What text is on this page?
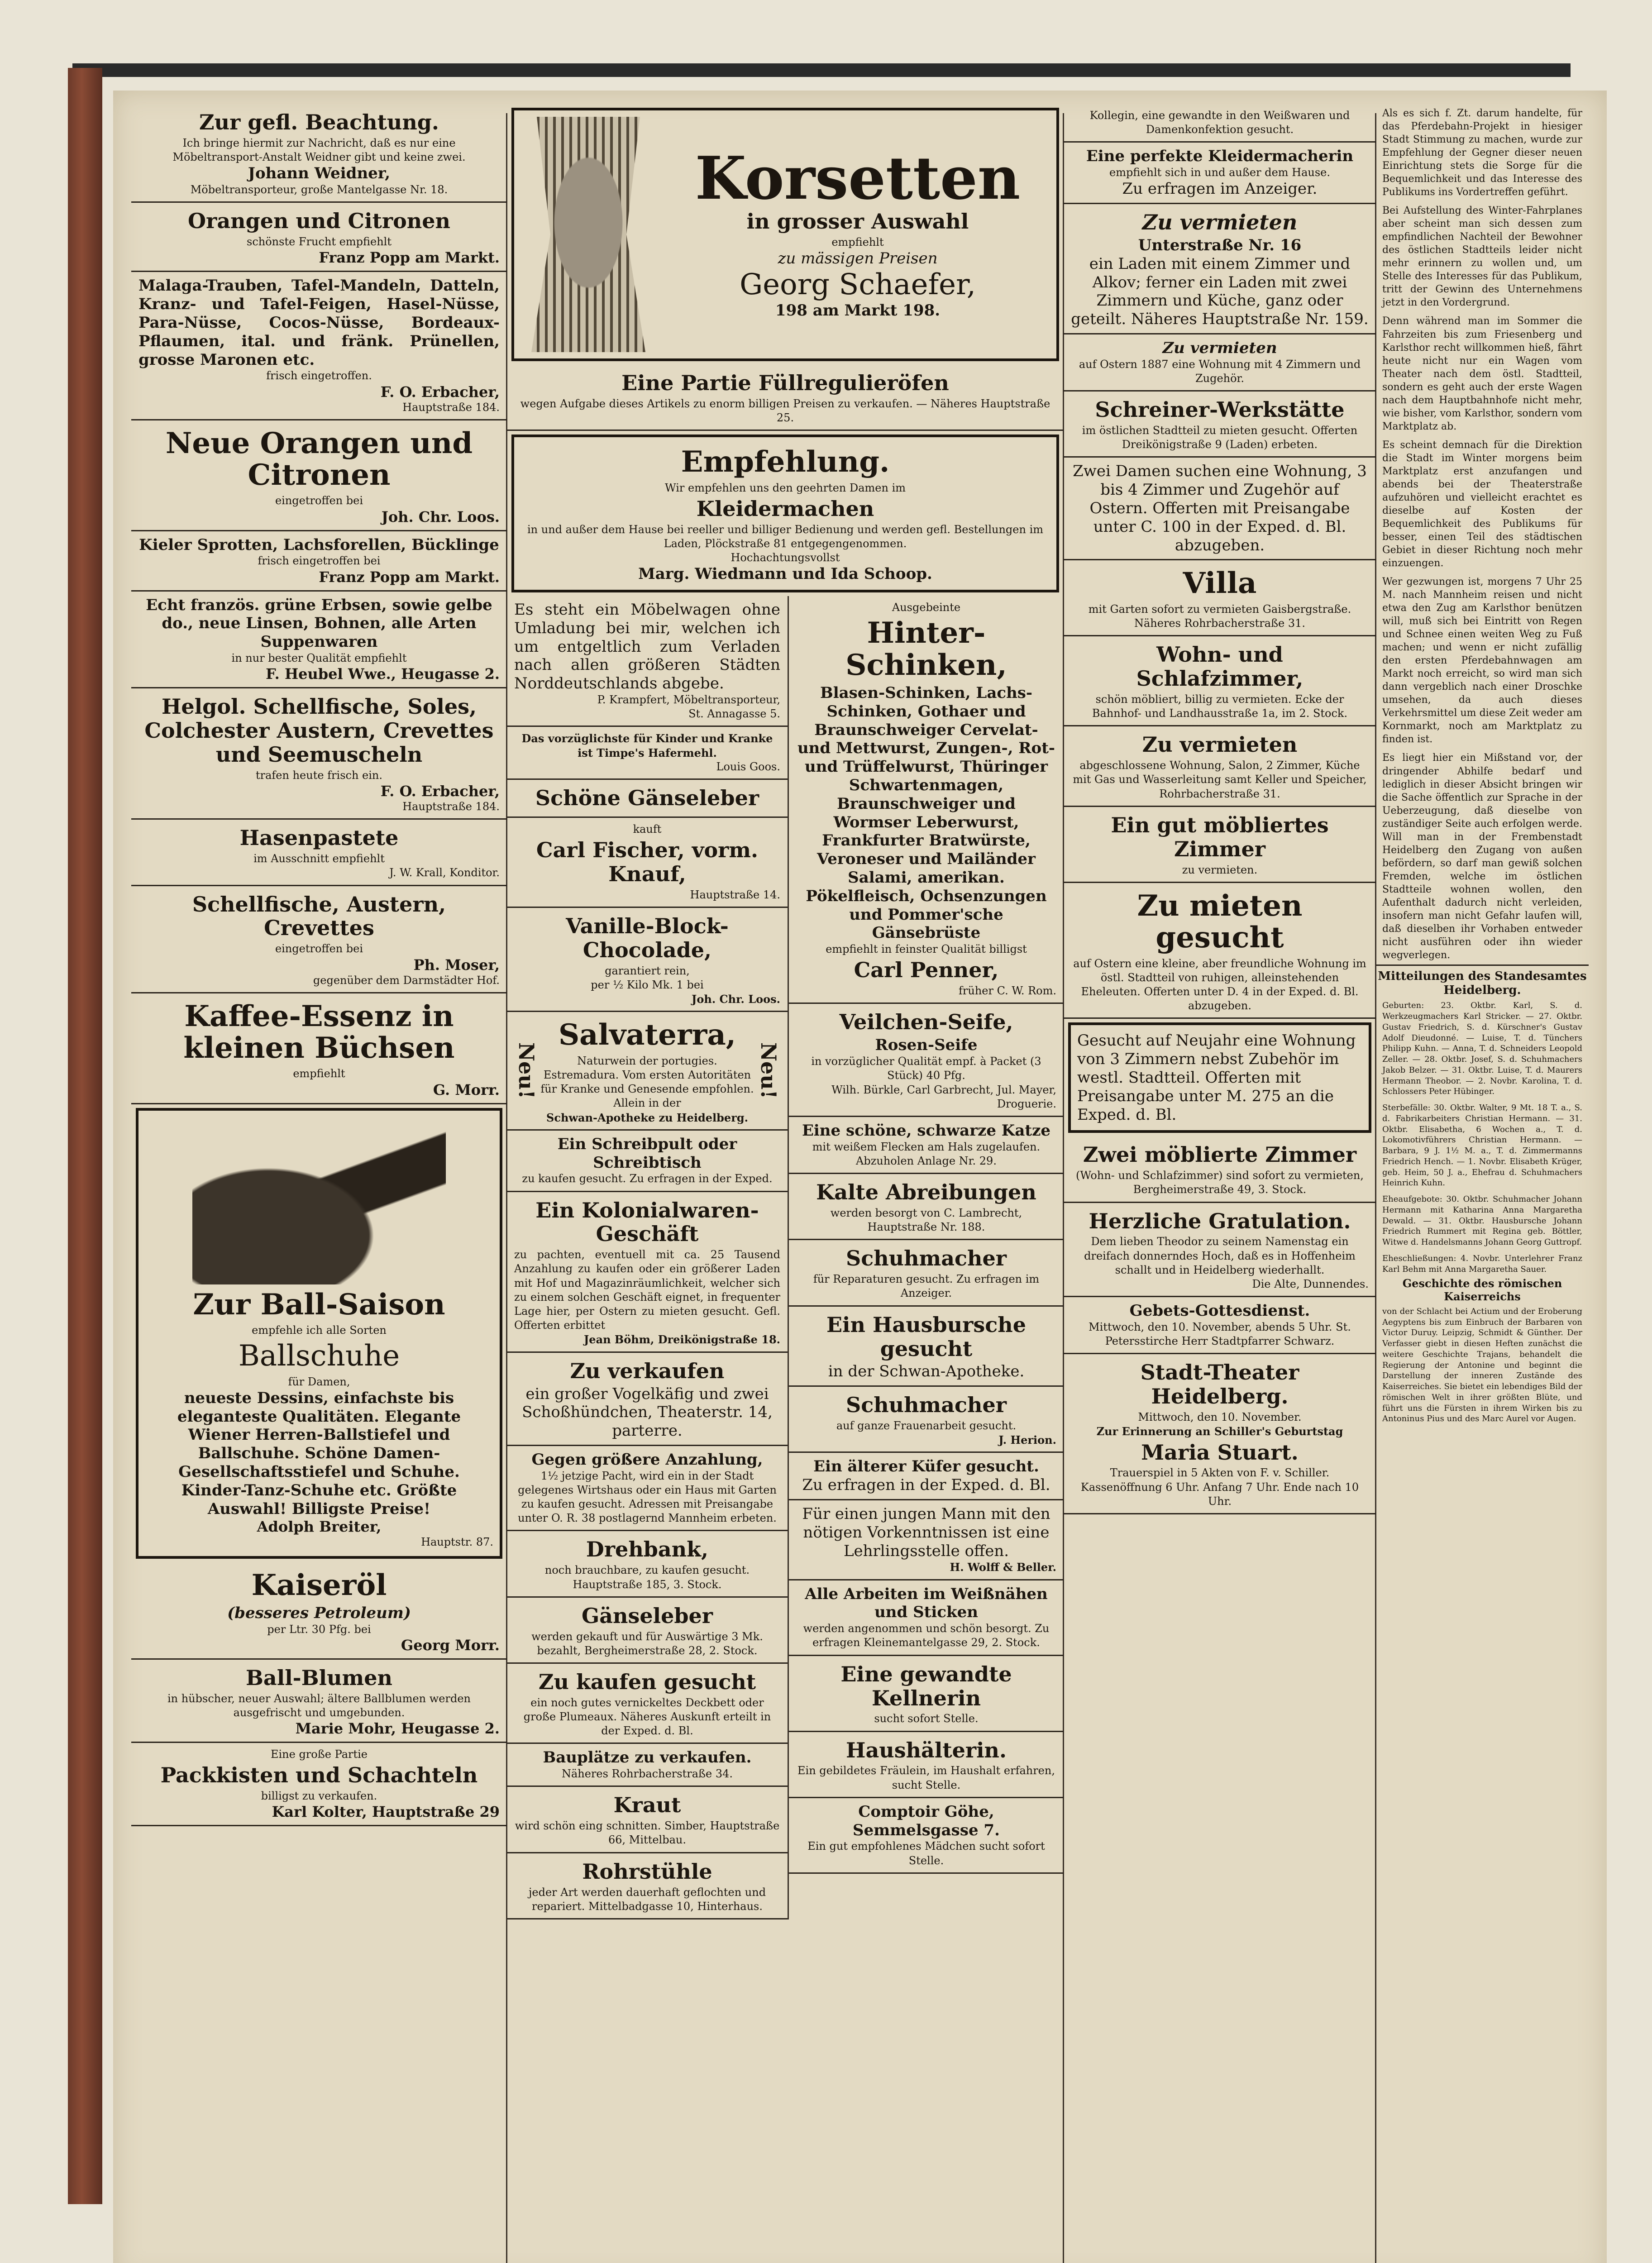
Zur gefl. Beachtung.
Ich bringe hiermit zur Nachricht, daß es nur eine Möbeltransport-Anstalt Weidner gibt und keine zwei.
Johann Weidner,
Möbeltransporteur, große Mantelgasse Nr. 18.
Orangen und Citronen
schönste Frucht empfiehlt
Franz Popp am Markt.
Malaga-Trauben, Tafel-Mandeln, Datteln, Kranz- und Tafel-Feigen, Hasel-Nüsse, Para-Nüsse, Cocos-Nüsse, Bordeaux-Pflaumen, ital. und fränk. Prünellen, grosse Maronen etc.
frisch eingetroffen.
F. O. Erbacher,
Hauptstraße 184.
Neue Orangen und Citronen
eingetroffen bei
Joh. Chr. Loos.
Kieler Sprotten, Lachsforellen, Bücklinge
frisch eingetroffen bei
Franz Popp am Markt.
Echt französ. grüne Erbsen, sowie gelbe do., neue Linsen, Bohnen, alle Arten Suppenwaren
in nur bester Qualität empfiehlt
F. Heubel Wwe., Heugasse 2.
Helgol. Schellfische, Soles, Colchester Austern, Crevettes und Seemuscheln
trafen heute frisch ein.
F. O. Erbacher,
Hauptstraße 184.
Hasenpastete
im Ausschnitt empfiehlt
J. W. Krall, Konditor.
Schellfische, Austern, Crevettes
eingetroffen bei
Ph. Moser,
gegenüber dem Darmstädter Hof.
Kaffee-Essenz in kleinen Büchsen
empfiehlt
G. Morr.
Zur Ball-Saison
empfehle ich alle Sorten
Ballschuhe
für Damen,
neueste Dessins, einfachste bis eleganteste Qualitäten. Elegante Wiener Herren-Ballstiefel und Ballschuhe. Schöne Damen-Gesellschaftsstiefel und Schuhe. Kinder-Tanz-Schuhe etc. Größte Auswahl! Billigste Preise!
Adolph Breiter,
Hauptstr. 87.
Kaiseröl
(besseres Petroleum)
per Ltr. 30 Pfg. bei
Georg Morr.
Ball-Blumen
in hübscher, neuer Auswahl; ältere Ballblumen werden ausgefrischt und umgebunden.
Marie Mohr, Heugasse 2.
Eine große Partie
Packkisten und Schachteln
billigst zu verkaufen.
Karl Kolter, Hauptstraße 29
Korsetten
in grosser Auswahl
empfiehlt
zu mässigen Preisen
Georg Schaefer,
198 am Markt 198.
Eine Partie Füllregulieröfen
wegen Aufgabe dieses Artikels zu enorm billigen Preisen zu verkaufen. — Näheres Hauptstraße 25.
Empfehlung.
Wir empfehlen uns den geehrten Damen im
Kleidermachen
in und außer dem Hause bei reeller und billiger Bedienung und werden gefl. Bestellungen im Laden, Plöckstraße 81 entgegengenommen.
Hochachtungsvollst
Marg. Wiedmann und Ida Schoop.
Es steht ein Möbelwagen ohne Umladung bei mir, welchen ich um entgeltlich zum Verladen nach allen größeren Städten Norddeutschlands abgebe.
P. Krampfert, Möbeltransporteur,
St. Annagasse 5.
Das vorzüglichste für Kinder und Kranke ist Timpe's Hafermehl.
Louis Goos.
Schöne Gänseleber
kauft
Carl Fischer, vorm. Knauf,
Hauptstraße 14.
Vanille-Block-Chocolade,
garantiert rein,
per ½ Kilo Mk. 1 bei
Joh. Chr. Loos.
Neu!
Salvaterra,
Naturwein der portugies. Estremadura. Vom ersten Autoritäten für Kranke und Genesende empfohlen. Allein in der
Schwan-Apotheke zu Heidelberg.
Neu!
Ein Schreibpult oder Schreibtisch
zu kaufen gesucht. Zu erfragen in der Exped.
Ein Kolonialwaren-Geschäft
zu pachten, eventuell mit ca. 25 Tausend Anzahlung zu kaufen oder ein größerer Laden mit Hof und Magazinräumlichkeit, welcher sich zu einem solchen Geschäft eignet, in frequenter Lage hier, per Ostern zu mieten gesucht. Gefl. Offerten erbittet
Jean Böhm, Dreikönigstraße 18.
Zu verkaufen
ein großer Vogelkäfig und zwei Schoßhündchen, Theaterstr. 14, parterre.
Gegen größere Anzahlung,
1½ jetzige Pacht, wird ein in der Stadt gelegenes Wirtshaus oder ein Haus mit Garten zu kaufen gesucht. Adressen mit Preisangabe unter O. R. 38 postlagernd Mannheim erbeten.
Drehbank,
noch brauchbare, zu kaufen gesucht. Hauptstraße 185, 3. Stock.
Gänseleber
werden gekauft und für Auswärtige 3 Mk. bezahlt, Bergheimerstraße 28, 2. Stock.
Zu kaufen gesucht
ein noch gutes vernickeltes Deckbett oder große Plumeaux. Näheres Auskunft erteilt in der Exped. d. Bl.
Bauplätze zu verkaufen.
Näheres Rohrbacherstraße 34.
Kraut
wird schön eing schnitten. Simber, Hauptstraße 66, Mittelbau.
Rohrstühle
jeder Art werden dauerhaft geflochten und repariert. Mittelbadgasse 10, Hinterhaus.
Ausgebeinte
Hinter-Schinken,
Blasen-Schinken, Lachs-Schinken, Gothaer und Braunschweiger Cervelat- und Mettwurst, Zungen-, Rot- und Trüffelwurst, Thüringer Schwartenmagen, Braunschweiger und Wormser Leberwurst, Frankfurter Bratwürste, Veroneser und Mailänder Salami, amerikan. Pökelfleisch, Ochsenzungen und Pommer'sche Gänsebrüste
empfiehlt in feinster Qualität billigst
Carl Penner,
früher C. W. Rom.
Veilchen-Seife,
Rosen-Seife
in vorzüglicher Qualität empf. à Packet (3 Stück) 40 Pfg.
Wilh. Bürkle, Carl Garbrecht, Jul. Mayer, Droguerie.
Eine schöne, schwarze Katze
mit weißem Flecken am Hals zugelaufen. Abzuholen Anlage Nr. 29.
Kalte Abreibungen
werden besorgt von C. Lambrecht, Hauptstraße Nr. 188.
Schuhmacher
für Reparaturen gesucht. Zu erfragen im Anzeiger.
Ein Hausbursche gesucht
in der Schwan-Apotheke.
Schuhmacher
auf ganze Frauenarbeit gesucht.
J. Herion.
Ein älterer Küfer gesucht.
Zu erfragen in der Exped. d. Bl.
Für einen jungen Mann mit den nötigen Vorkenntnissen ist eine Lehrlingsstelle offen.
H. Wolff & Beller.
Alle Arbeiten im Weißnähen und Sticken
werden angenommen und schön besorgt. Zu erfragen Kleinemantelgasse 29, 2. Stock.
Eine gewandte Kellnerin
sucht sofort Stelle.
Haushälterin.
Ein gebildetes Fräulein, im Haushalt erfahren, sucht Stelle.
Comptoir Göhe, Semmelsgasse 7.
Ein gut empfohlenes Mädchen sucht sofort Stelle.
Kollegin, eine gewandte in den Weißwaren und Damenkonfektion gesucht.
Eine perfekte Kleidermacherin
empfiehlt sich in und außer dem Hause.
Zu erfragen im Anzeiger.
Zu vermieten
Unterstraße Nr. 16
ein Laden mit einem Zimmer und Alkov; ferner ein Laden mit zwei Zimmern und Küche, ganz oder geteilt. Näheres Hauptstraße Nr. 159.
Zu vermieten
auf Ostern 1887 eine Wohnung mit 4 Zimmern und Zugehör.
Schreiner-Werkstätte
im östlichen Stadtteil zu mieten gesucht. Offerten Dreikönigstraße 9 (Laden) erbeten.
Zwei Damen suchen eine Wohnung, 3 bis 4 Zimmer und Zugehör auf Ostern. Offerten mit Preisangabe unter C. 100 in der Exped. d. Bl. abzugeben.
Villa
mit Garten sofort zu vermieten Gaisbergstraße. Näheres Rohrbacherstraße 31.
Wohn- und Schlafzimmer,
schön möbliert, billig zu vermieten. Ecke der Bahnhof- und Landhausstraße 1a, im 2. Stock.
Zu vermieten
abgeschlossene Wohnung, Salon, 2 Zimmer, Küche mit Gas und Wasserleitung samt Keller und Speicher, Rohrbacherstraße 31.
Ein gut möbliertes Zimmer
zu vermieten.
Zu mieten gesucht
auf Ostern eine kleine, aber freundliche Wohnung im östl. Stadtteil von ruhigen, alleinstehenden Eheleuten. Offerten unter D. 4 in der Exped. d. Bl. abzugeben.
Gesucht auf Neujahr eine Wohnung von 3 Zimmern nebst Zubehör im westl. Stadtteil. Offerten mit Preisangabe unter M. 275 an die Exped. d. Bl.
Zwei möblierte Zimmer
(Wohn- und Schlafzimmer) sind sofort zu vermieten, Bergheimerstraße 49, 3. Stock.
Herzliche Gratulation.
Dem lieben Theodor zu seinem Namenstag ein dreifach donnerndes Hoch, daß es in Hoffenheim schallt und in Heidelberg wiederhallt.
Die Alte, Dunnendes.
Gebets-Gottesdienst.
Mittwoch, den 10. November, abends 5 Uhr. St. Petersstirche Herr Stadtpfarrer Schwarz.
Stadt-Theater Heidelberg.
Mittwoch, den 10. November.
Zur Erinnerung an Schiller's Geburtstag
Maria Stuart.
Trauerspiel in 5 Akten von F. v. Schiller. Kassenöffnung 6 Uhr. Anfang 7 Uhr. Ende nach 10 Uhr.
Als es sich f. Zt. darum handelte, für das Pferdebahn-Projekt in hiesiger Stadt Stimmung zu machen, wurde zur Empfehlung der Gegner dieser neuen Einrichtung stets die Sorge für die Bequemlichkeit und das Interesse des Publikums ins Vordertreffen geführt.
Bei Aufstellung des Winter-Fahrplanes aber scheint man sich dessen zum empfindlichen Nachteil der Bewohner des östlichen Stadtteils leider nicht mehr erinnern zu wollen und, um Stelle des Interesses für das Publikum, tritt der Gewinn des Unternehmens jetzt in den Vordergrund.
Denn während man im Sommer die Fahrzeiten bis zum Friesenberg und Karlsthor recht willkommen hieß, fährt heute nicht nur ein Wagen vom Theater nach dem östl. Stadtteil, sondern es geht auch der erste Wagen nach dem Hauptbahnhofe nicht mehr, wie bisher, vom Karlsthor, sondern vom Marktplatz ab.
Es scheint demnach für die Direktion die Stadt im Winter morgens beim Marktplatz erst anzufangen und abends bei der Theaterstraße aufzuhören und vielleicht erachtet es dieselbe auf Kosten der Bequemlichkeit des Publikums für besser, einen Teil des städtischen Gebiet in dieser Richtung noch mehr einzuengen.
Wer gezwungen ist, morgens 7 Uhr 25 M. nach Mannheim reisen und nicht etwa den Zug am Karlsthor benützen will, muß sich bei Eintritt von Regen und Schnee einen weiten Weg zu Fuß machen; und wenn er nicht zufällig den ersten Pferdebahnwagen am Markt noch erreicht, so wird man sich dann vergeblich nach einer Droschke umsehen, da auch dieses Verkehrsmittel um diese Zeit weder am Kornmarkt, noch am Marktplatz zu finden ist.
Es liegt hier ein Mißstand vor, der dringender Abhilfe bedarf und lediglich in dieser Absicht bringen wir die Sache öffentlich zur Sprache in der Ueberzeugung, daß dieselbe von zuständiger Seite auch erfolgen werde. Will man in der Frembenstadt Heidelberg den Zugang von außen befördern, so darf man gewiß solchen Fremden, welche im östlichen Stadtteile wohnen wollen, den Aufenthalt dadurch nicht verleiden, insofern man nicht Gefahr laufen will, daß dieselben ihr Vorhaben entweder nicht ausführen oder ihn wieder wegverlegen.
Mitteilungen des Standesamtes Heidelberg.
Geburten: 23. Oktbr. Karl, S. d. Werkzeugmachers Karl Stricker. — 27. Oktbr. Gustav Friedrich, S. d. Kürschner's Gustav Adolf Dieudonné. — Luise, T. d. Tünchers Philipp Kuhn. — Anna, T. d. Schneiders Leopold Zeller. — 28. Oktbr. Josef, S. d. Schuhmachers Jakob Belzer. — 31. Oktbr. Luise, T. d. Maurers Hermann Theobor. — 2. Novbr. Karolina, T. d. Schlossers Peter Hübinger.
Sterbefälle: 30. Oktbr. Walter, 9 Mt. 18 T. a., S. d. Fabrikarbeiters Christian Hermann. — 31. Oktbr. Elisabetha, 6 Wochen a., T. d. Lokomotivführers Christian Hermann. — Barbara, 9 J. 1½ M. a., T. d. Zimmermanns Friedrich Hench. — 1. Novbr. Elisabeth Krüger, geb. Heim, 50 J. a., Ehefrau d. Schuhmachers Heinrich Kuhn.
Eheaufgebote: 30. Oktbr. Schuhmacher Johann Hermann mit Katharina Anna Margaretha Dewald. — 31. Oktbr. Hausbursche Johann Friedrich Rummert mit Regina geb. Böttler, Witwe d. Handelsmanns Johann Georg Guttropf.
Eheschließungen: 4. Novbr. Unterlehrer Franz Karl Behm mit Anna Margaretha Sauer.
Geschichte des römischen Kaiserreichs
von der Schlacht bei Actium und der Eroberung Aegyptens bis zum Einbruch der Barbaren von Victor Duruy. Leipzig, Schmidt & Günther. Der Verfasser giebt in diesen Heften zunächst die weitere Geschichte Trajans, behandelt die Regierung der Antonine und beginnt die Darstellung der inneren Zustände des Kaiserreiches. Sie bietet ein lebendiges Bild der römischen Welt in ihrer größten Blüte, und führt uns die Fürsten in ihrem Wirken bis zu Antoninus Pius und des Marc Aurel vor Augen.
